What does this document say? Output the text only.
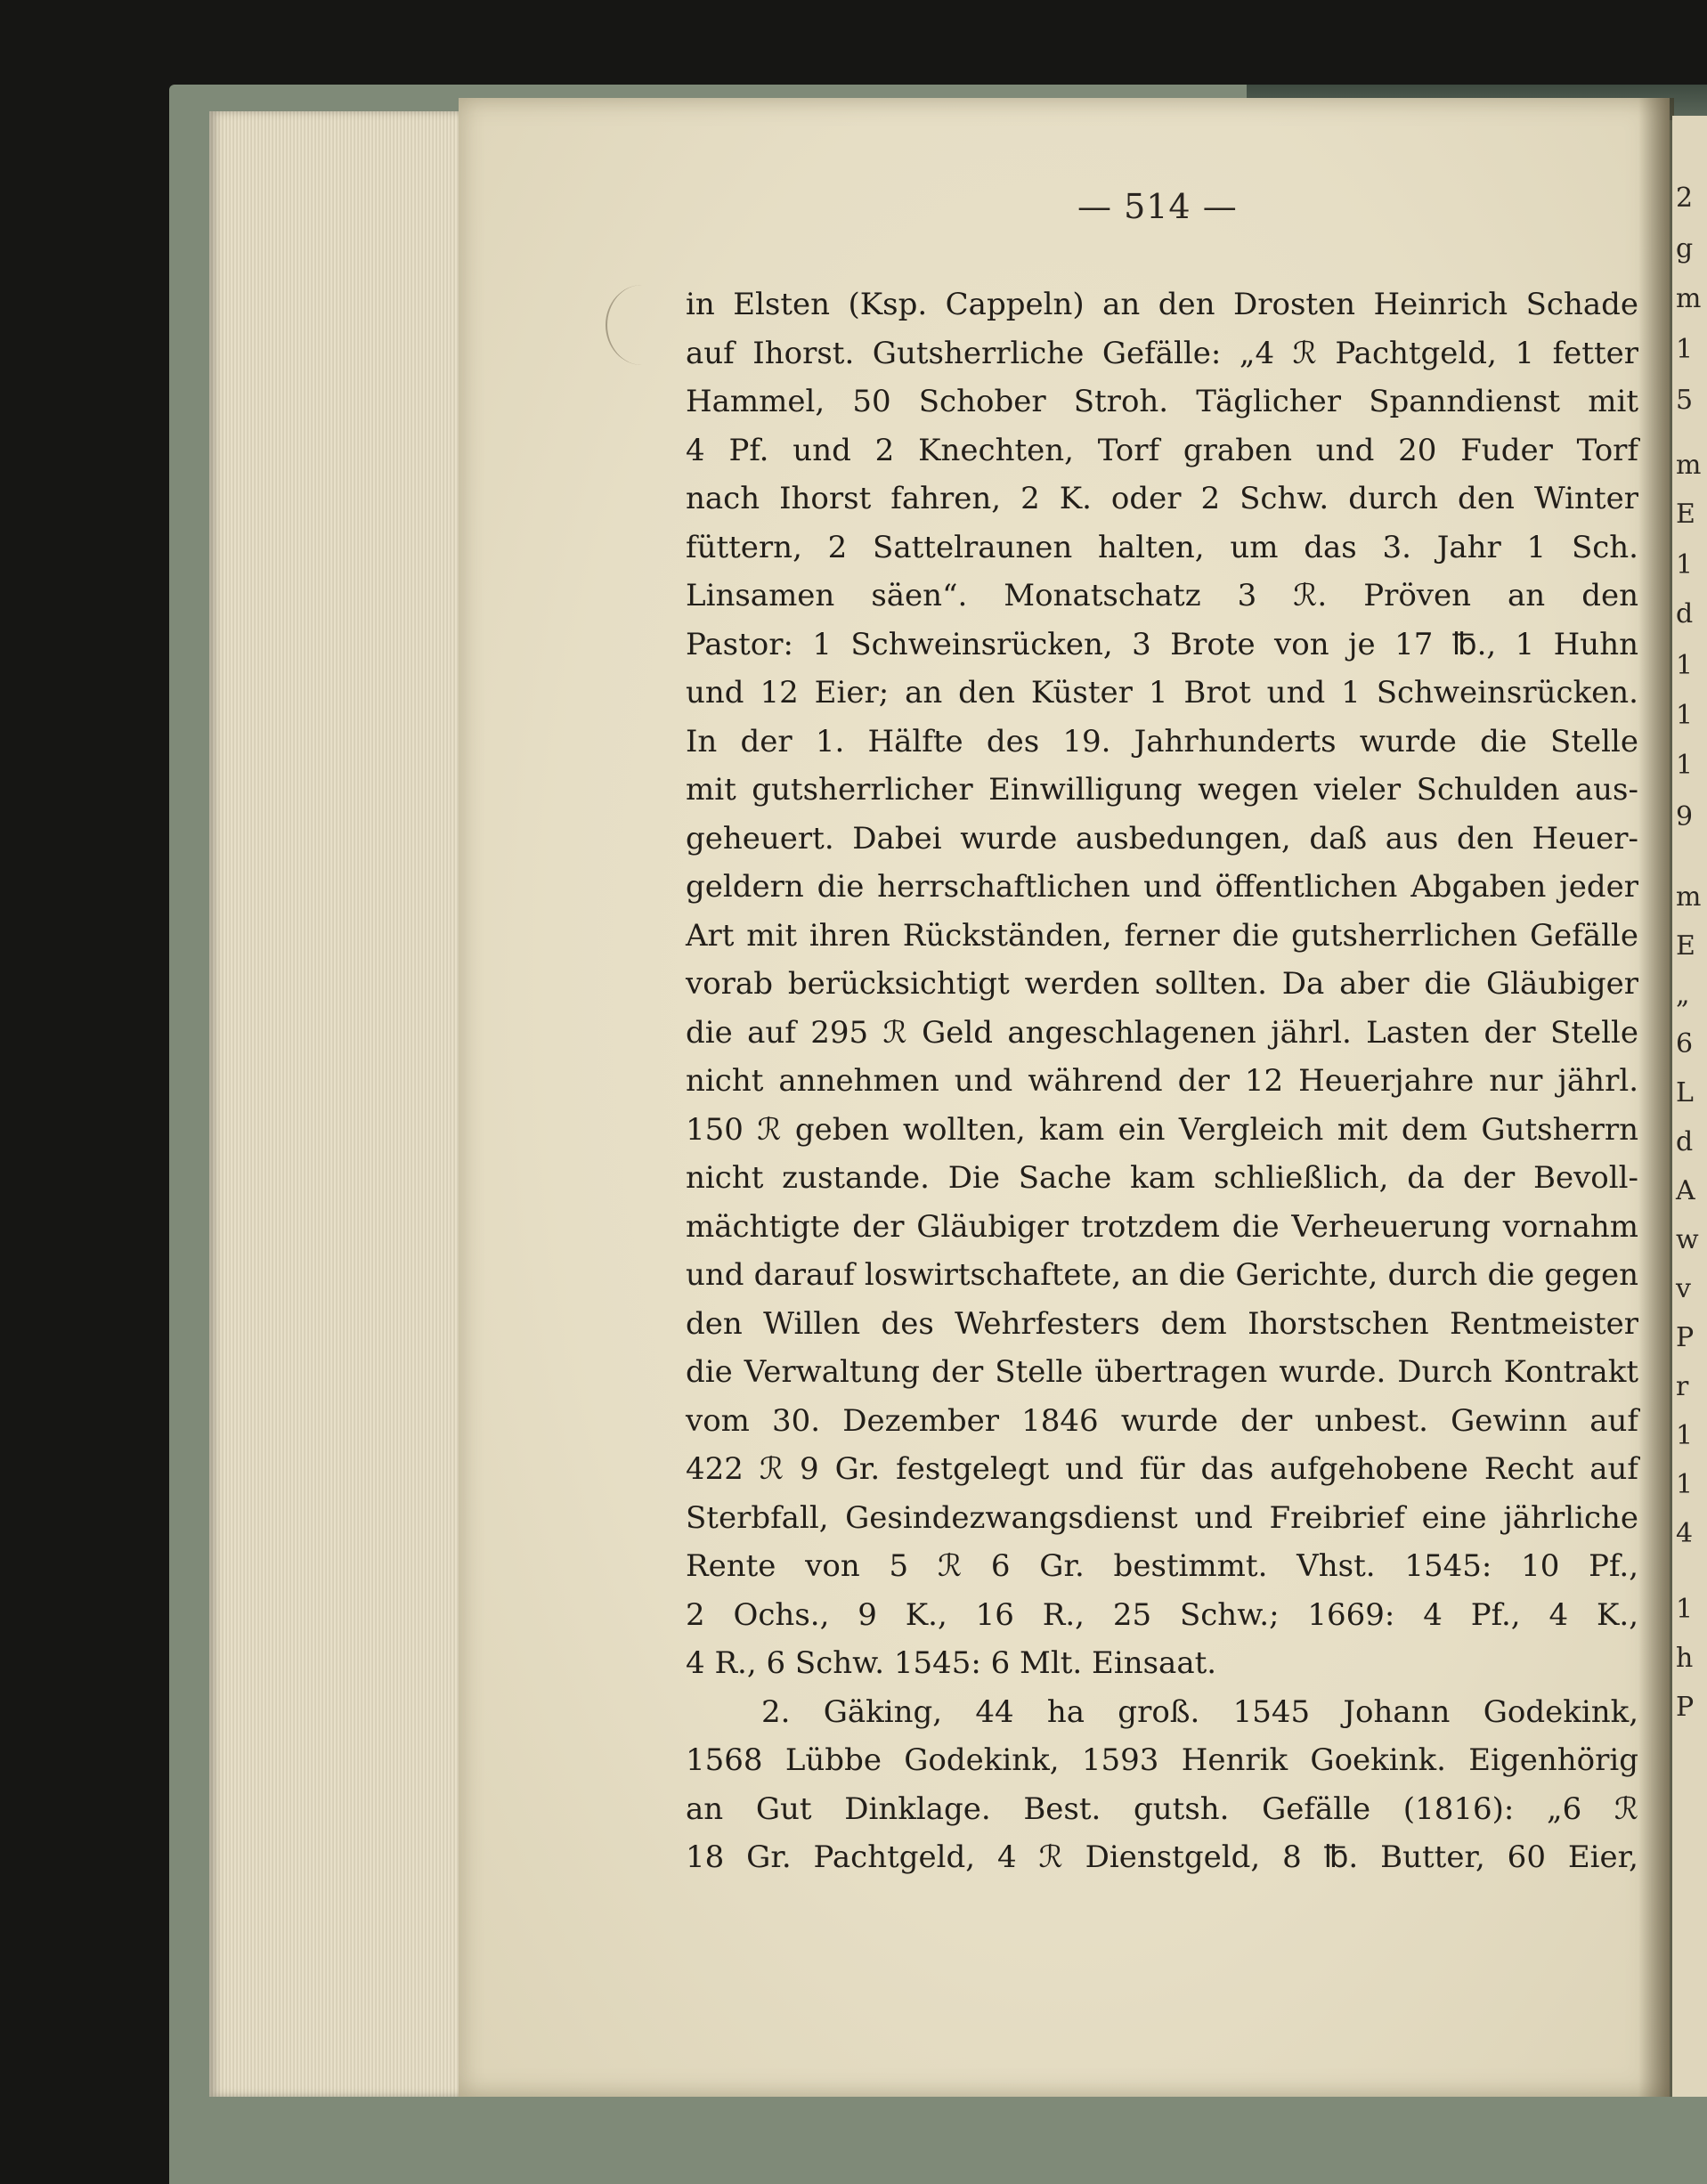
2
g
m
1
5
m
E
1
d
1
1
1
9
m
E
„
6
L
d
A
w
v
P
r
1
1
4
1
h
P
— 514 —
in Elsten (Ksp. Cappeln) an den Drosten Heinrich Schade
auf Ihorst. Gutsherrliche Gefälle: „4 ℛ Pachtgeld, 1 fetter
Hammel, 50 Schober Stroh. Täglicher Spanndienst mit
4 Pf. und 2 Knechten, Torf graben und 20 Fuder Torf
nach Ihorst fahren, 2 K. oder 2 Schw. durch den Winter
füttern, 2 Sattelraunen halten, um das 3. Jahr 1 Sch.
Linsamen säen“. Monatschatz 3 ℛ. Pröven an den
Pastor: 1 Schweinsrücken, 3 Brote von je 17 ℔., 1 Huhn
und 12 Eier; an den Küster 1 Brot und 1 Schweinsrücken.
In der 1. Hälfte des 19. Jahrhunderts wurde die Stelle
mit gutsherrlicher Einwilligung wegen vieler Schulden aus-
geheuert. Dabei wurde ausbedungen, daß aus den Heuer-
geldern die herrschaftlichen und öffentlichen Abgaben jeder
Art mit ihren Rückständen, ferner die gutsherrlichen Gefälle
vorab berücksichtigt werden sollten. Da aber die Gläubiger
die auf 295 ℛ Geld angeschlagenen jährl. Lasten der Stelle
nicht annehmen und während der 12 Heuerjahre nur jährl.
150 ℛ geben wollten, kam ein Vergleich mit dem Gutsherrn
nicht zustande. Die Sache kam schließlich, da der Bevoll-
mächtigte der Gläubiger trotzdem die Verheuerung vornahm
und darauf loswirtschaftete, an die Gerichte, durch die gegen
den Willen des Wehrfesters dem Ihorstschen Rentmeister
die Verwaltung der Stelle übertragen wurde. Durch Kontrakt
vom 30. Dezember 1846 wurde der unbest. Gewinn auf
422 ℛ 9 Gr. festgelegt und für das aufgehobene Recht auf
Sterbfall, Gesindezwangsdienst und Freibrief eine jährliche
Rente von 5 ℛ 6 Gr. bestimmt. Vhst. 1545: 10 Pf.,
2 Ochs., 9 K., 16 R., 25 Schw.; 1669: 4 Pf., 4 K.,
4 R., 6 Schw. 1545: 6 Mlt. Einsaat.
2. Gäking, 44 ha groß. 1545 Johann Godekink,
1568 Lübbe Godekink, 1593 Henrik Goekink. Eigenhörig
an Gut Dinklage. Best. gutsh. Gefälle (1816): „6 ℛ
18 Gr. Pachtgeld, 4 ℛ Dienstgeld, 8 ℔. Butter, 60 Eier,
